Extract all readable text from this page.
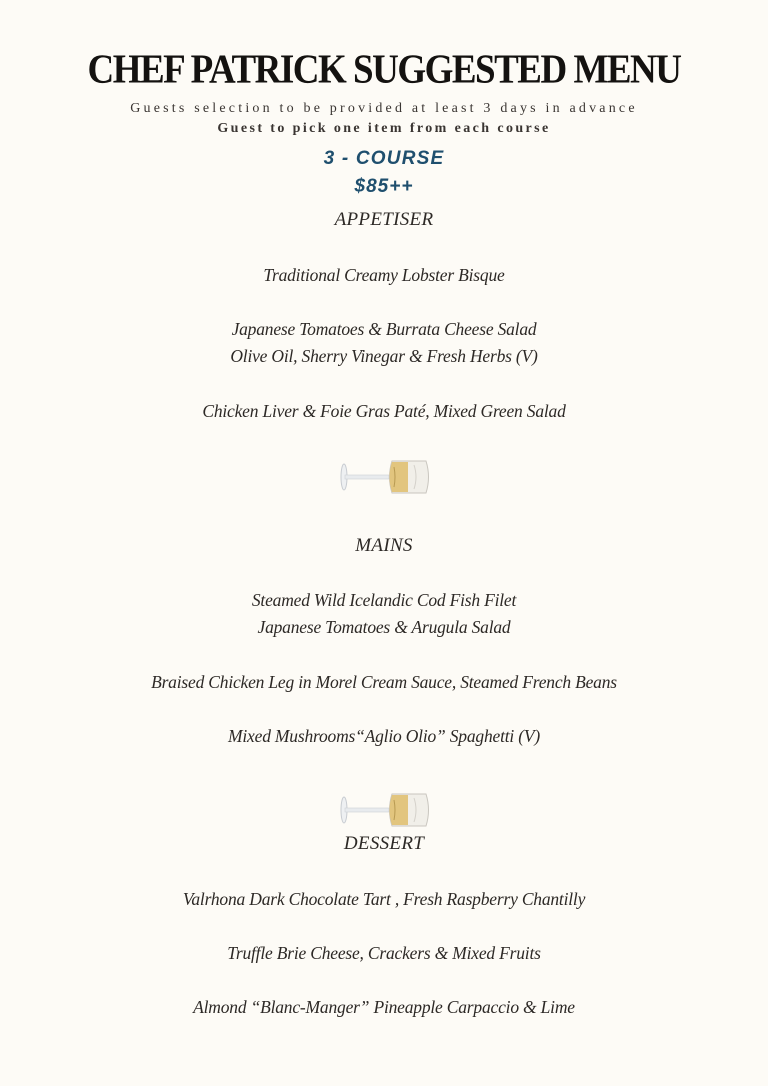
CHEF PATRICK SUGGESTED MENU
Guests selection to be provided at least 3 days in advance
Guest to pick one item from each course
3 - COURSE
$85++
APPETISER
Traditional Creamy Lobster Bisque
Japanese Tomatoes & Burrata Cheese Salad
Olive Oil, Sherry Vinegar & Fresh Herbs (V)
Chicken Liver & Foie Gras Paté, Mixed Green Salad
MAINS
Steamed Wild Icelandic Cod Fish Filet
Japanese Tomatoes & Arugula Salad
Braised Chicken Leg in Morel Cream Sauce, Steamed French Beans
Mixed Mushrooms“Aglio Olio” Spaghetti (V)
DESSERT
Valrhona Dark Chocolate Tart , Fresh Raspberry Chantilly
Truffle Brie Cheese, Crackers & Mixed Fruits
Almond “Blanc-Manger” Pineapple Carpaccio & Lime
